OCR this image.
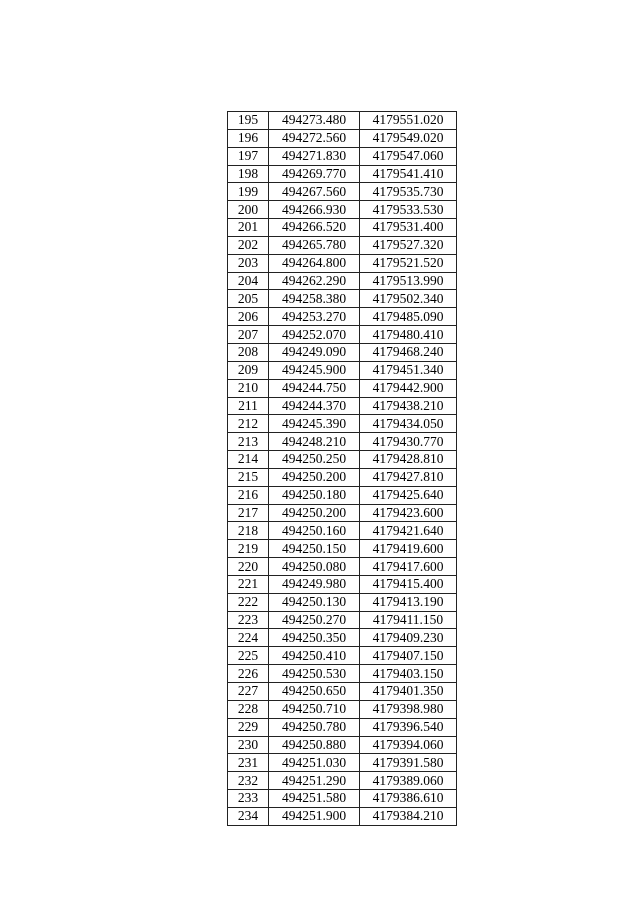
195	494273.480	4179551.020
196	494272.560	4179549.020
197	494271.830	4179547.060
198	494269.770	4179541.410
199	494267.560	4179535.730
200	494266.930	4179533.530
201	494266.520	4179531.400
202	494265.780	4179527.320
203	494264.800	4179521.520
204	494262.290	4179513.990
205	494258.380	4179502.340
206	494253.270	4179485.090
207	494252.070	4179480.410
208	494249.090	4179468.240
209	494245.900	4179451.340
210	494244.750	4179442.900
211	494244.370	4179438.210
212	494245.390	4179434.050
213	494248.210	4179430.770
214	494250.250	4179428.810
215	494250.200	4179427.810
216	494250.180	4179425.640
217	494250.200	4179423.600
218	494250.160	4179421.640
219	494250.150	4179419.600
220	494250.080	4179417.600
221	494249.980	4179415.400
222	494250.130	4179413.190
223	494250.270	4179411.150
224	494250.350	4179409.230
225	494250.410	4179407.150
226	494250.530	4179403.150
227	494250.650	4179401.350
228	494250.710	4179398.980
229	494250.780	4179396.540
230	494250.880	4179394.060
231	494251.030	4179391.580
232	494251.290	4179389.060
233	494251.580	4179386.610
234	494251.900	4179384.210
